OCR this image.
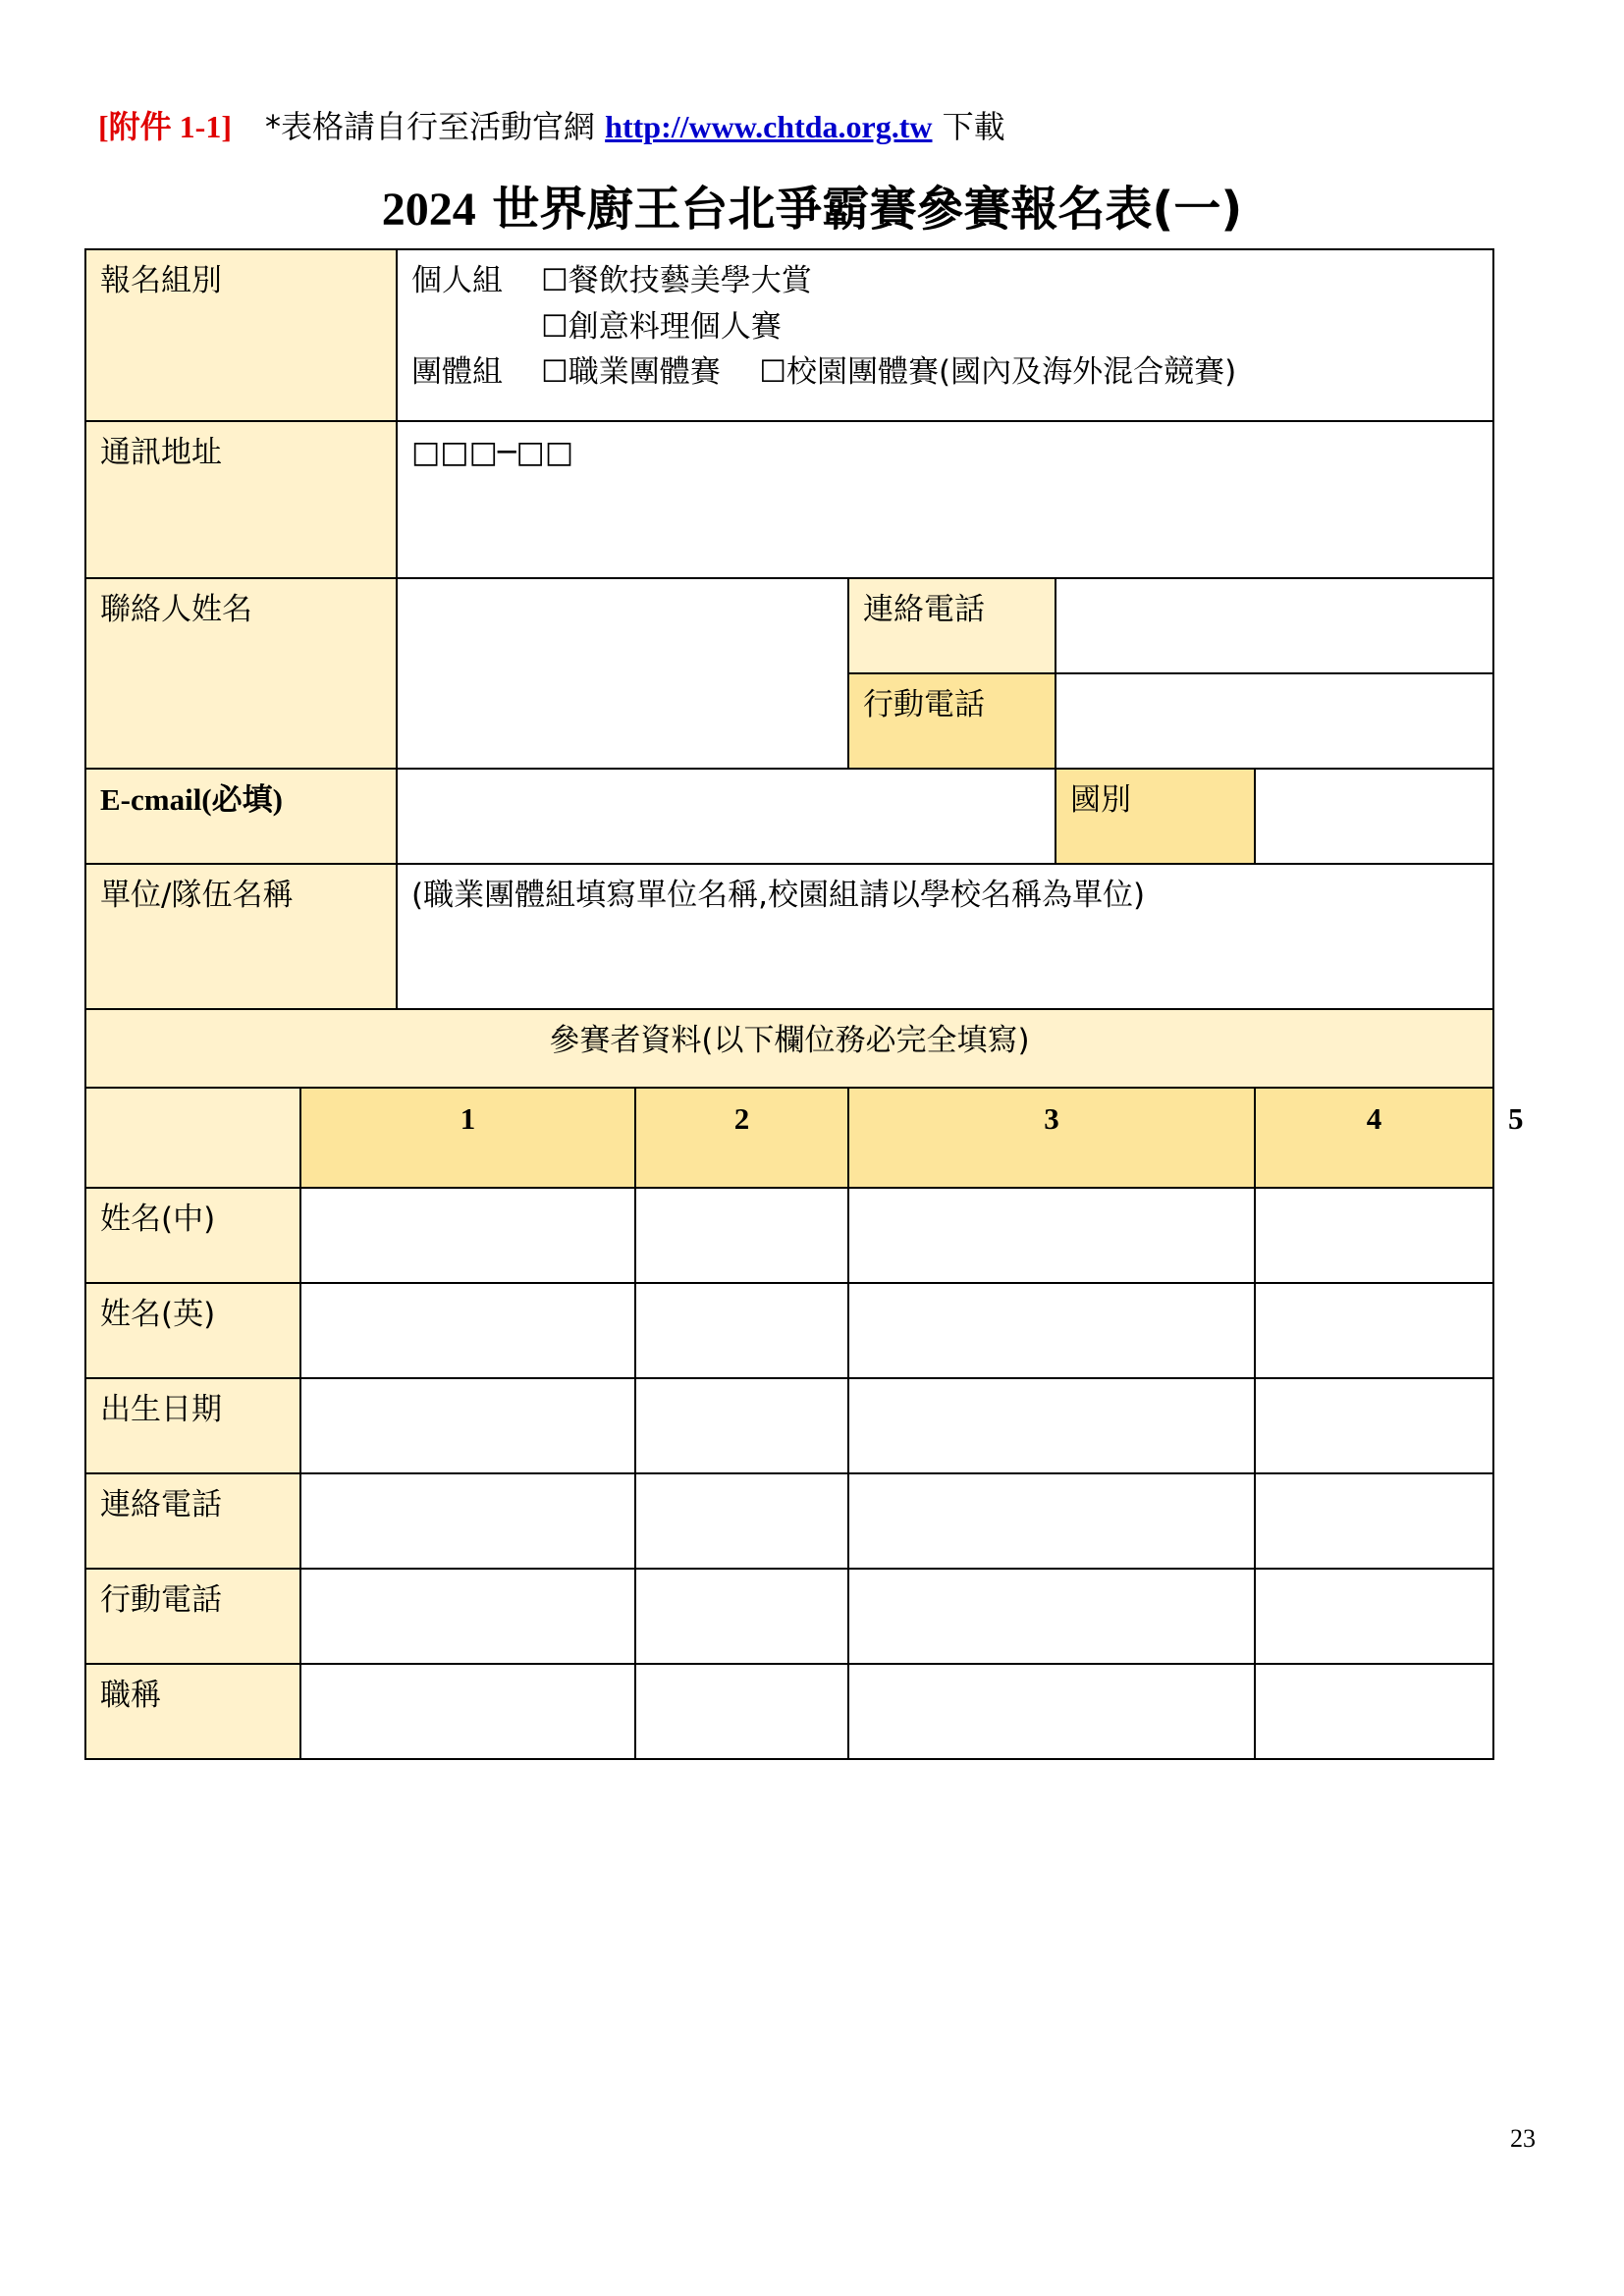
[附件 1-1] *表格請自行至活動官網 http://www.chtda.org.tw 下載
2024 世界廚王台北爭霸賽參賽報名表(一)
報名組別		個人組 ☐餐飲技藝美學大賞
☐創意料理個人賽
團體組 ☐職業團體賽 ☐校園團體賽(國內及海外混合競賽)					

通訊地址		□□□─□□					
聯絡人姓名				連絡電話			
				行動電話			
E-cmail(必填)					國別		
單位/隊伍名稱		(職業團體組填寫單位名稱,校園組請以學校名稱為單位)					
參賽者資料(以下欄位務必完全填寫)							
	1		2	3		4	5
姓名(中)							
姓名(英)							
出生日期							
連絡電話							
行動電話							
職稱							
23
